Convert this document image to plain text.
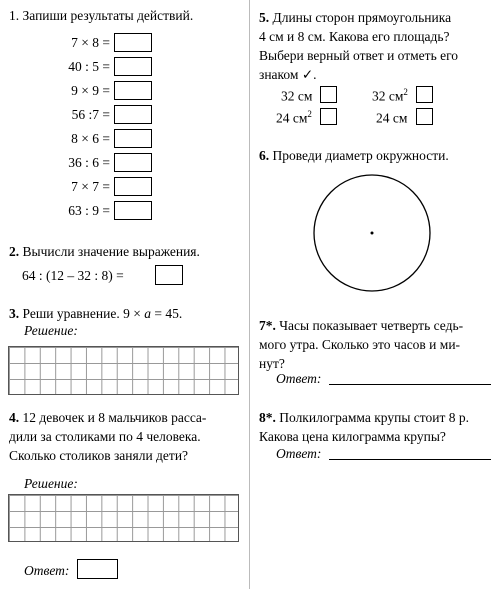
1. Запиши результаты действий.
7 × 8 =
40 : 5 =
9 × 9 =
56 :7 =
8 × 6 =
36 : 6 =
7 × 7 =
63 : 9 =
2. Вычисли значение выражения.
64 : (12 – 32 : 8) =
3. Реши уравнение. 9 × a = 45.
Решение:
4. 12 девочек и 8 мальчиков рассa-
дили за столиками по 4 человека.
Сколько столиков заняли дети?
Решение:
Ответ:
5. Длины сторон прямоугольника
4 см и 8 см. Какова его площадь?
Выбери верный ответ и отметь его
знаком ✓.
32 см	32 $см^2$
24 $см^2$	24 см
6. Проведи диаметр окружности.
7*. Часы показывает четверть седь-
мого утра. Сколько это часов и ми-
нут?
Ответ:
8*. Полкилограмма крупы стоит 8 р.
Какова цена килограмма крупы?
Ответ:
